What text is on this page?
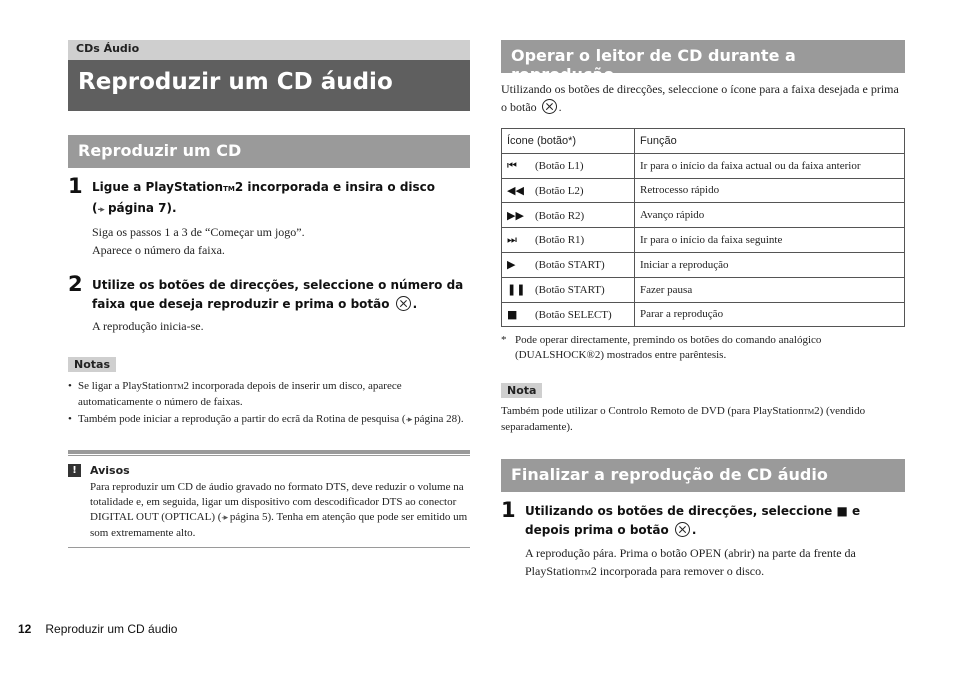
CDs Áudio
Reproduzir um CD áudio
Reproduzir um CD
1 Ligue a PlayStationTM2 incorporada e insira o disco
(-▸ página 7).
Siga os passos 1 a 3 de “Começar um jogo”.
Aparece o número da faixa.
2 Utilize os botões de direcções, seleccione o número da faixa que deseja reproduzir e prima o botão .
A reprodução inicia-se.
Notas
• Se ligar a PlayStationTM2 incorporada depois de inserir um disco, aparece automaticamente o número de faixas.
• Também pode iniciar a reprodução a partir do ecrã da Rotina de pesquisa (-▸ página 28).
!	Avisos
Para reproduzir um CD de áudio gravado no formato DTS, deve reduzir o volume na totalidade e, em seguida, ligar um dispositivo com descodificador DTS ao conector DIGITAL OUT (OPTICAL) (-▸ página 5). Tenha em atenção que pode ser emitido um som extremamente alto.
Operar o leitor de CD durante a reprodução
Utilizando os botões de direcções, seleccione o ícone para a faixa desejada e prima o botão .
Ícone (botão*)	Função
⏮ (Botão L1)	Ir para o início da faixa actual ou da faixa anterior
◀◀ (Botão L2)	Retrocesso rápido
▶▶ (Botão R2)	Avanço rápido
⏭ (Botão R1)	Ir para o início da faixa seguinte
▶ (Botão START)	Iniciar a reprodução
❚❚ (Botão START)	Fazer pausa
■ (Botão SELECT)	Parar a reprodução
* Pode operar directamente, premindo os botões do comando analógico (DUALSHOCK®2) mostrados entre parêntesis.
Nota
Também pode utilizar o Controlo Remoto de DVD (para PlayStationTM2) (vendido separadamente).
Finalizar a reprodução de CD áudio
1 Utilizando os botões de direcções, seleccione ■ e depois prima o botão .
A reprodução pára. Prima o botão OPEN (abrir) na parte da frente da PlayStationTM2 incorporada para remover o disco.
12 Reproduzir um CD áudio
